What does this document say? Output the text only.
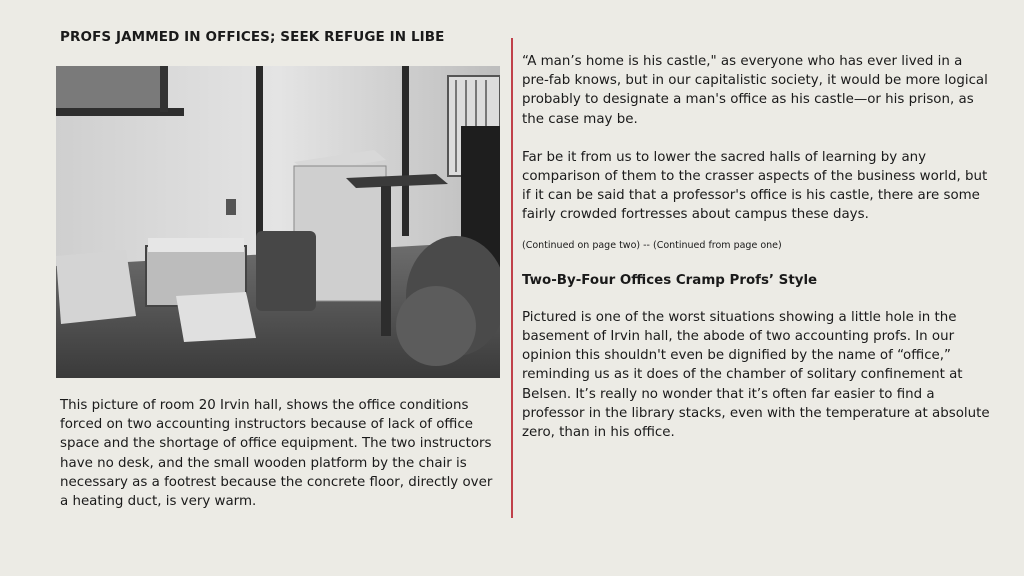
PROFS JAMMED IN OFFICES; SEEK REFUGE IN LIBE
This picture of room 20 Irvin hall, shows the office conditions forced on two accounting instructors because of lack of office space and the shortage of office equipment. The two instructors have no desk, and the small wooden platform by the chair is necessary as a footrest because the concrete floor, directly over a heating duct, is very warm.

“A man’s home is his castle," as everyone who has ever lived in a pre-fab knows, but in our capitalistic society, it would be more logical probably to designate a man's office as his castle—or his prison, as the case may be.

Far be it from us to lower the sacred halls of learning by any comparison of them to the crasser aspects of the business world, but if it can be said that a professor's office is his castle, there are some fairly crowded fortresses about campus these days.

(Continued on page two) -- (Continued from page one)

Two-By-Four Offices Cramp Profs’ Style

Pictured is one of the worst situations showing a little hole in the basement of Irvin hall, the abode of two accounting profs. In our opinion this shouldn't even be dignified by the name of “office,” reminding us as it does of the chamber of solitary confinement at Belsen. It’s really no wonder that it’s often far easier to find a professor in the library stacks, even with the temperature at absolute zero, than in his office.
